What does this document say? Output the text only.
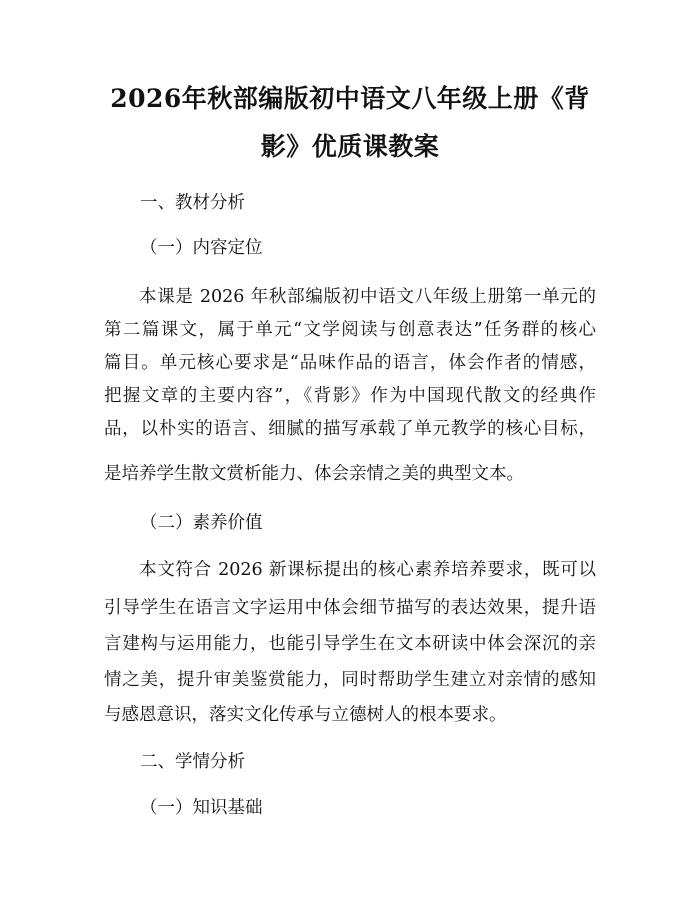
2026年秋部编版初中语文八年级上册《背
影》优质课教案

一、教材分析

（一）内容定位

本课是 2026 年秋部编版初中语文八年级上册第一单元的

第二篇课文，属于单元“文学阅读与创意表达”任务群的核心

篇目。单元核心要求是“品味作品的语言，体会作者的情感，

把握文章的主要内容”，《背影》作为中国现代散文的经典作

品，以朴实的语言、细腻的描写承载了单元教学的核心目标，

是培养学生散文赏析能力、体会亲情之美的典型文本。

（二）素养价值

本文符合 2026 新课标提出的核心素养培养要求，既可以

引导学生在语言文字运用中体会细节描写的表达效果，提升语

言建构与运用能力，也能引导学生在文本研读中体会深沉的亲

情之美，提升审美鉴赏能力，同时帮助学生建立对亲情的感知

与感恩意识，落实文化传承与立德树人的根本要求。

二、学情分析

（一）知识基础
